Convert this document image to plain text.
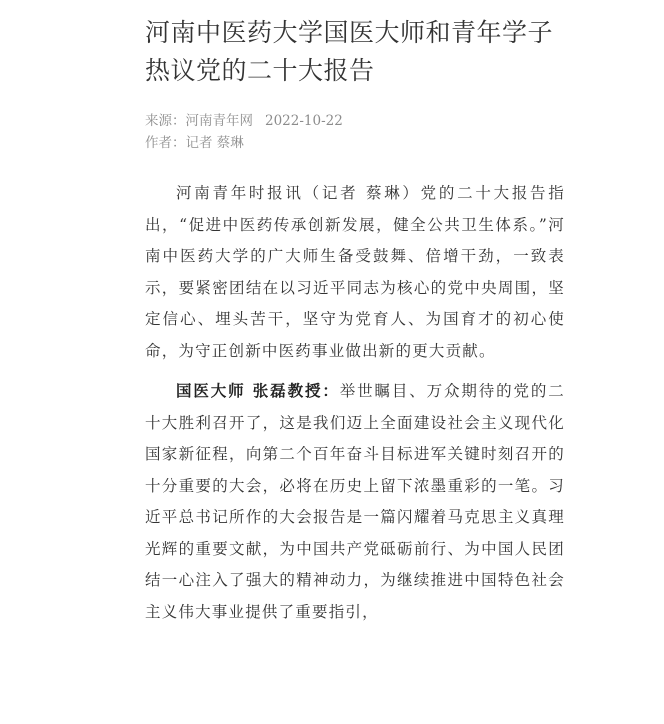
河南中医药大学国医大师和青年学子热议党的二十大报告
来源：河南青年网 2022-10-22
作者：记者 蔡琳

河南青年时报讯（记者 蔡琳）党的二十大报告指出，“促进中医药传承创新发展，健全公共卫生体系。”河南中医药大学的广大师生备受鼓舞、倍增干劲，一致表示，要紧密团结在以习近平同志为核心的党中央周围，坚定信心、埋头苦干，坚守为党育人、为国育才的初心使命，为守正创新中医药事业做出新的更大贡献。

国医大师 张磊教授：举世瞩目、万众期待的党的二十大胜利召开了，这是我们迈上全面建设社会主义现代化国家新征程，向第二个百年奋斗目标进军关键时刻召开的十分重要的大会，必将在历史上留下浓墨重彩的一笔。习近平总书记所作的大会报告是一篇闪耀着马克思主义真理光辉的重要文献，为中国共产党砥砺前行、为中国人民团结一心注入了强大的精神动力，为继续推进中国特色社会主义伟大事业提供了重要指引，
